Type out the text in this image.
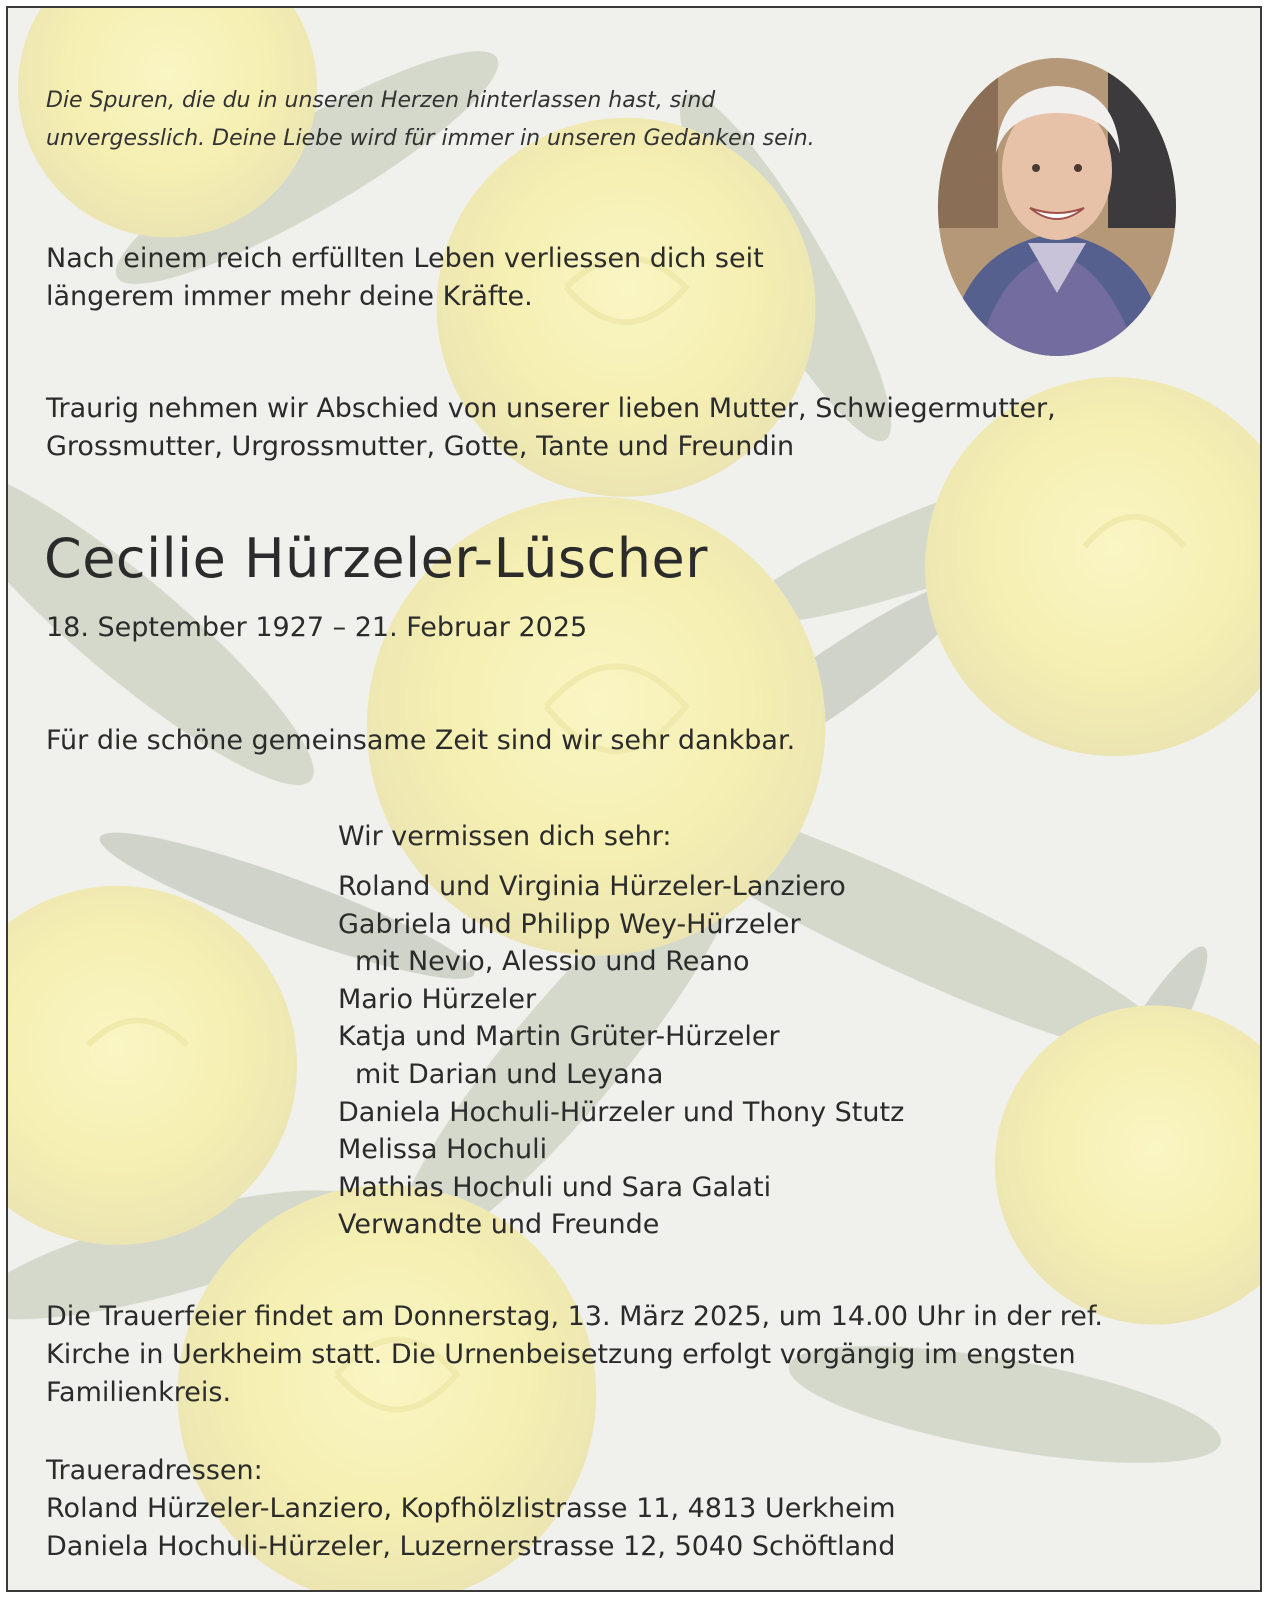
Die Spuren, die du in unseren Herzen hinterlassen hast, sind
unvergesslich. Deine Liebe wird für immer in unseren Gedanken sein.
Nach einem reich erfüllten Leben verliessen dich seit
längerem immer mehr deine Kräfte.
Traurig nehmen wir Abschied von unserer lieben Mutter, Schwiegermutter,
Grossmutter, Urgrossmutter, Gotte, Tante und Freundin
Cecilie Hürzeler-Lüscher
18. September 1927 – 21. Februar 2025
Für die schöne gemeinsame Zeit sind wir sehr dankbar.
Wir vermissen dich sehr:
Roland und Virginia Hürzeler-Lanziero
Gabriela und Philipp Wey-Hürzeler
mit Nevio, Alessio und Reano
Mario Hürzeler
Katja und Martin Grüter-Hürzeler
mit Darian und Leyana
Daniela Hochuli-Hürzeler und Thony Stutz
Melissa Hochuli
Mathias Hochuli und Sara Galati
Verwandte und Freunde
Die Trauerfeier findet am Donnerstag, 13. März 2025, um 14.00 Uhr in der ref.
Kirche in Uerkheim statt. Die Urnenbeisetzung erfolgt vorgängig im engsten
Familienkreis.
Traueradressen:
Roland Hürzeler-Lanziero, Kopfhölzlistrasse 11, 4813 Uerkheim
Daniela Hochuli-Hürzeler, Luzernerstrasse 12, 5040 Schöftland
